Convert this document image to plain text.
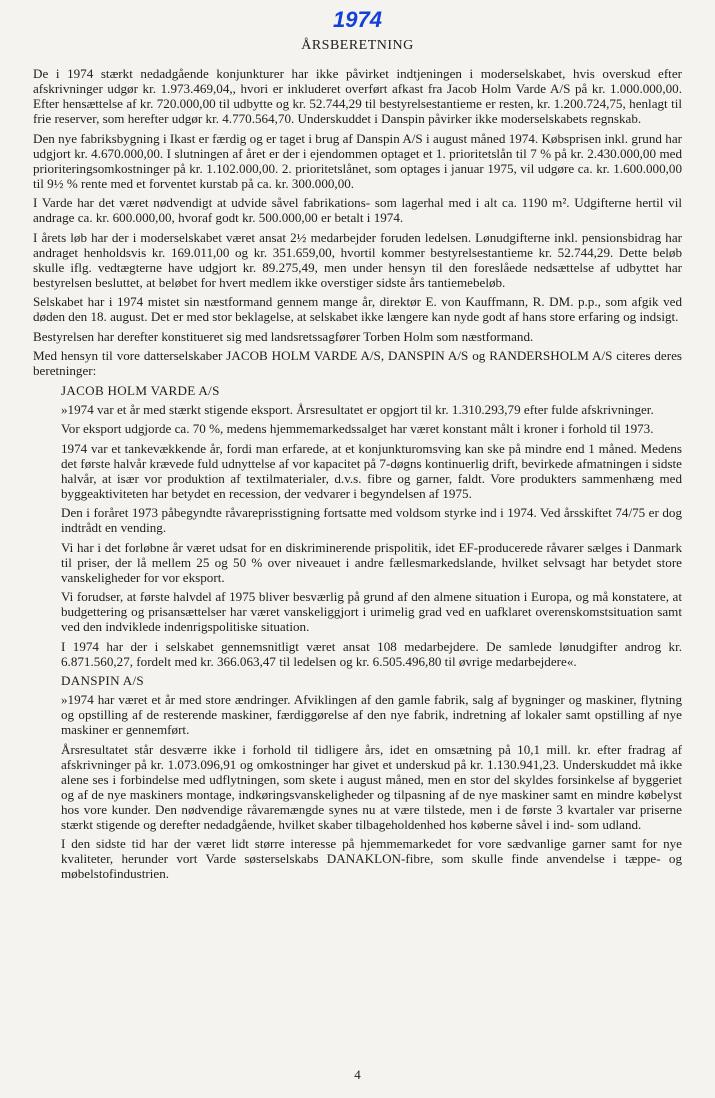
1974
ÅRSBERETNING

De i 1974 stærkt nedadgående konjunkturer har ikke påvirket indtjeningen i moderselskabet, hvis overskud efter afskrivninger udgør kr. 1.973.469,04,, hvori er inkluderet overført afkast fra Jacob Holm Varde A/S på kr. 1.000.000,00. Efter hensættelse af kr. 720.000,00 til udbytte og kr. 52.744,29 til bestyrelsestantieme er resten, kr. 1.200.724,75, henlagt til frie reserver, som herefter udgør kr. 4.770.564,70. Underskuddet i Danspin påvirker ikke moderselskabets regnskab.

Den nye fabriksbygning i Ikast er færdig og er taget i brug af Danspin A/S i august måned 1974. Købsprisen inkl. grund har udgjort kr. 4.670.000,00. I slutningen af året er der i ejendommen optaget et 1. prioritetslån til 7 % på kr. 2.430.000,00 med prioriteringsomkostninger på kr. 1.102.000,00. 2. prioritetslånet, som optages i januar 1975, vil udgøre ca. kr. 1.600.000,00 til 9½ % rente med et forventet kurstab på ca. kr. 300.000,00.

I Varde har det været nødvendigt at udvide såvel fabrikations- som lagerhal med i alt ca. 1190 m². Udgifterne hertil vil andrage ca. kr. 600.000,00, hvoraf godt kr. 500.000,00 er betalt i 1974.

I årets løb har der i moderselskabet været ansat 2½ medarbejder foruden ledelsen. Lønudgifterne inkl. pensionsbidrag har andraget henholdsvis kr. 169.011,00 og kr. 351.659,00, hvortil kommer bestyrelsestantieme kr. 52.744,29. Dette beløb skulle iflg. vedtægterne have udgjort kr. 89.275,49, men under hensyn til den foreslåede nedsættelse af udbyttet har bestyrelsen besluttet, at beløbet for hvert medlem ikke overstiger sidste års tantiemebeløb.

Selskabet har i 1974 mistet sin næstformand gennem mange år, direktør E. von Kauffmann, R. DM. p.p., som afgik ved døden den 18. august. Det er med stor beklagelse, at selskabet ikke længere kan nyde godt af hans store erfaring og indsigt.

Bestyrelsen har derefter konstitueret sig med landsretssagfører Torben Holm som næstformand.

Med hensyn til vore datterselskaber JACOB HOLM VARDE A/S, DANSPIN A/S og RANDERSHOLM A/S citeres deres beretninger:

JACOB HOLM VARDE A/S

»1974 var et år med stærkt stigende eksport. Årsresultatet er opgjort til kr. 1.310.293,79 efter fulde afskrivninger.

Vor eksport udgjorde ca. 70 %, medens hjemmemarkedssalget har været konstant målt i kroner i forhold til 1973.

1974 var et tankevækkende år, fordi man erfarede, at et konjunkturomsving kan ske på mindre end 1 måned. Medens det første halvår krævede fuld udnyttelse af vor kapacitet på 7-døgns kontinuerlig drift, bevirkede afmatningen i sidste halvår, at især vor produktion af textilmaterialer, d.v.s. fibre og garner, faldt. Vore produkters sammenhæng med byggeaktiviteten har betydet en recession, der vedvarer i begyndelsen af 1975.

Den i foråret 1973 påbegyndte råvareprisstigning fortsatte med voldsom styrke ind i 1974. Ved årsskiftet 74/75 er dog indtrådt en vending.

Vi har i det forløbne år været udsat for en diskriminerende prispolitik, idet EF-producerede råvarer sælges i Danmark til priser, der lå mellem 25 og 50 % over niveauet i andre fællesmarkedslande, hvilket selvsagt har betydet store vanskeligheder for vor eksport.

Vi forudser, at første halvdel af 1975 bliver besværlig på grund af den almene situation i Europa, og må konstatere, at budgettering og prisansættelser har været vanskeliggjort i urimelig grad ved en uafklaret overenskomstsituation samt ved den indviklede indenrigspolitiske situation.

I 1974 har der i selskabet gennemsnitligt været ansat 108 medarbejdere. De samlede lønudgifter androg kr. 6.871.560,27, fordelt med kr. 366.063,47 til ledelsen og kr. 6.505.496,80 til øvrige medarbejdere«.

DANSPIN A/S

»1974 har været et år med store ændringer. Afviklingen af den gamle fabrik, salg af bygninger og maskiner, flytning og opstilling af de resterende maskiner, færdiggørelse af den nye fabrik, indretning af lokaler samt opstilling af nye maskiner er gennemført.

Årsresultatet står desværre ikke i forhold til tidligere års, idet en omsætning på 10,1 mill. kr. efter fradrag af afskrivninger på kr. 1.073.096,91 og omkostninger har givet et underskud på kr. 1.130.941,23. Underskuddet må ikke alene ses i forbindelse med udflytningen, som skete i august måned, men en stor del skyldes forsinkelse af byggeriet og af de nye maskiners montage, indkøringsvanskeligheder og tilpasning af de nye maskiner samt en mindre købelyst hos vore kunder. Den nødvendige råvaremængde synes nu at være tilstede, men i de første 3 kvartaler var priserne stærkt stigende og derefter nedadgående, hvilket skaber tilbageholdenhed hos køberne såvel i ind- som udland.

I den sidste tid har der været lidt større interesse på hjemmemarkedet for vore sædvanlige garner samt for nye kvaliteter, herunder vort Varde søsterselskabs DANAKLON-fibre, som skulle finde anvendelse i tæppe- og møbelstofindustrien.

4
